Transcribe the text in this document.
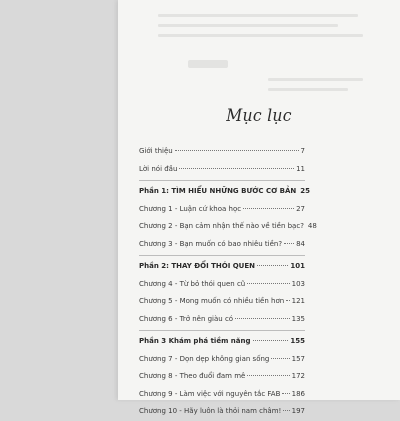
Mục lục
Giới thiệu	7
Lời nói đầu	11
Phần 1: TÌM HIỂU NHỮNG BƯỚC CƠ BẢN 25
Chương 1 - Luận cứ khoa học	27
Chương 2 - Bạn cảm nhận thế nào về tiền bạc? 48
Chương 3 - Bạn muốn có bao nhiêu tiền? 84
Phần 2: THAY ĐỔI THÓI QUEN	101
Chương 4 - Từ bỏ thói quen cũ	103
Chương 5 - Mong muốn có nhiều tiền hơn 121
Chương 6 - Trở nên giàu có	135
Phần 3 Khám phá tiềm năng	155
Chương 7 - Dọn dẹp không gian sống	157
Chương 8 - Theo đuổi đam mê	172
Chương 9 - Làm việc với nguyên tắc FAB 186
Chương 10 - Hãy luôn là thỏi nam châm! 197
